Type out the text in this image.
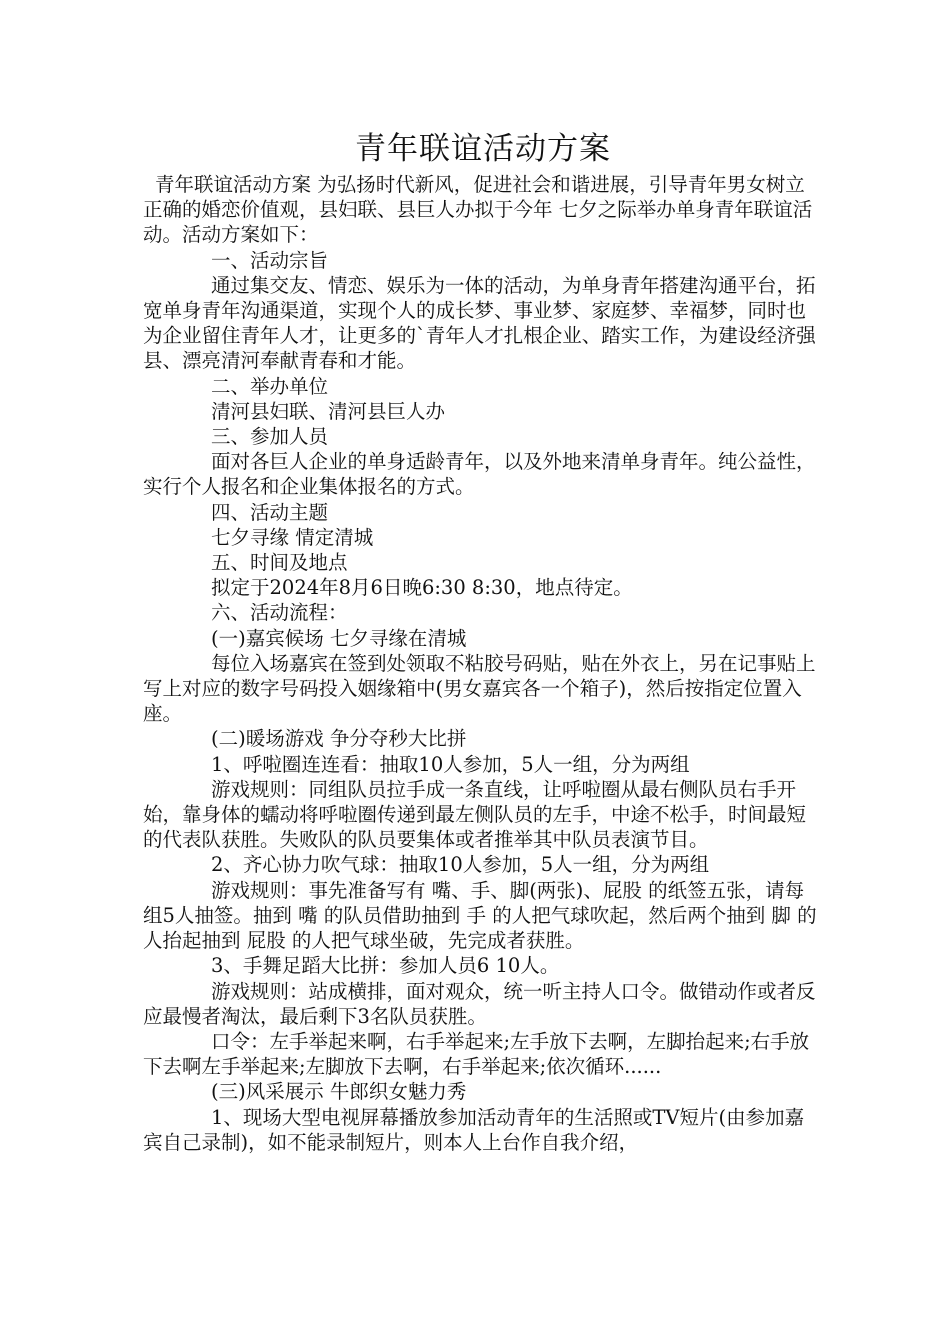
青年联谊活动方案

青年联谊活动方案 为弘扬时代新风，促进社会和谐进展，引导青年男女树立正确的婚恋价值观，县妇联、县巨人办拟于今年 七夕之际举办单身青年联谊活动。活动方案如下：

一、活动宗旨

通过集交友、情恋、娱乐为一体的活动，为单身青年搭建沟通平台，拓宽单身青年沟通渠道，实现个人的成长梦、事业梦、家庭梦、幸福梦，同时也为企业留住青年人才，让更多的`青年人才扎根企业、踏实工作，为建设经济强县、漂亮清河奉献青春和才能。

二、举办单位

清河县妇联、清河县巨人办

三、参加人员

面对各巨人企业的单身适龄青年，以及外地来清单身青年。纯公益性，实行个人报名和企业集体报名的方式。

四、活动主题

七夕寻缘 情定清城

五、时间及地点

拟定于2024年8月6日晚6:30 8:30，地点待定。

六、活动流程：

(一)嘉宾候场 七夕寻缘在清城

每位入场嘉宾在签到处领取不粘胶号码贴，贴在外衣上，另在记事贴上写上对应的数字号码投入姻缘箱中(男女嘉宾各一个箱子)，然后按指定位置入座。

(二)暖场游戏 争分夺秒大比拼

1、呼啦圈连连看：抽取10人参加，5人一组，分为两组

游戏规则：同组队员拉手成一条直线，让呼啦圈从最右侧队员右手开始，靠身体的蠕动将呼啦圈传递到最左侧队员的左手，中途不松手，时间最短的代表队获胜。失败队的队员要集体或者推举其中队员表演节目。

2、齐心协力吹气球：抽取10人参加，5人一组，分为两组

游戏规则：事先准备写有 嘴、手、脚(两张)、屁股 的纸签五张，请每组5人抽签。抽到 嘴 的队员借助抽到 手 的人把气球吹起，然后两个抽到 脚 的人抬起抽到 屁股 的人把气球坐破，先完成者获胜。

3、手舞足蹈大比拼：参加人员6 10人。

游戏规则：站成横排，面对观众，统一听主持人口令。做错动作或者反应最慢者淘汰，最后剩下3名队员获胜。

口令：左手举起来啊，右手举起来;左手放下去啊，左脚抬起来;右手放下去啊左手举起来;左脚放下去啊，右手举起来;依次循环......

(三)风采展示 牛郎织女魅力秀

1、现场大型电视屏幕播放参加活动青年的生活照或TV短片(由参加嘉宾自己录制)，如不能录制短片，则本人上台作自我介绍，
